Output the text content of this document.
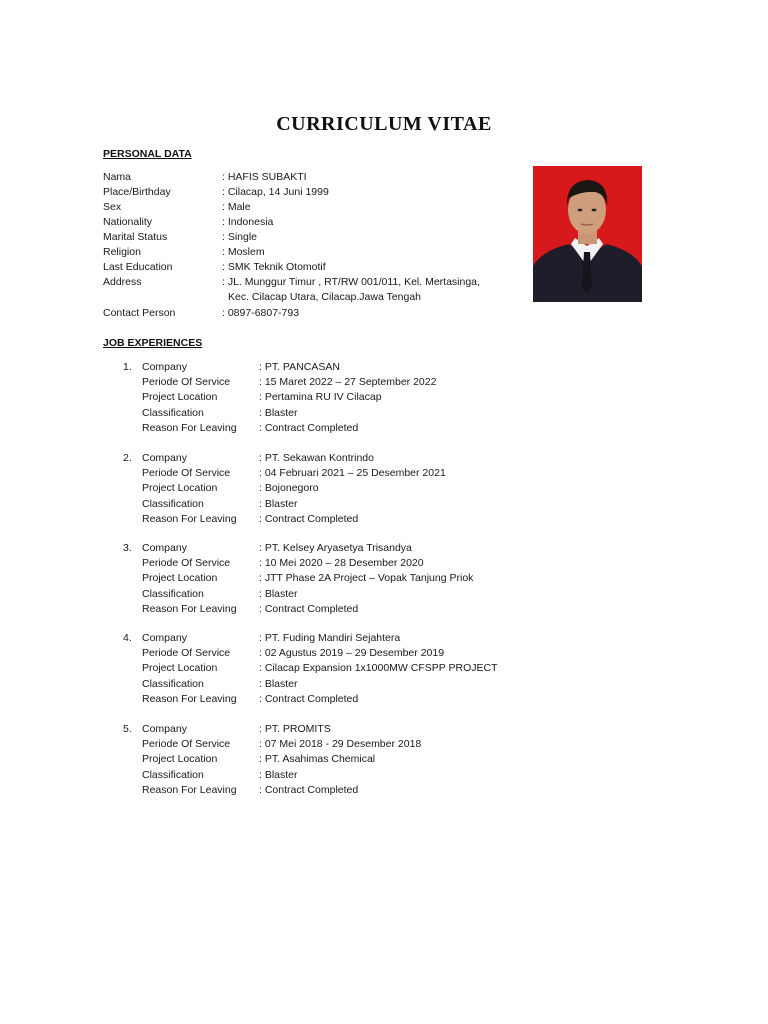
CURRICULUM VITAE
PERSONAL DATA
Nama	: HAFIS SUBAKTI
Place/Birthday	: Cilacap, 14 Juni 1999
Sex	: Male
Nationality	: Indonesia
Marital Status	: Single
Religion	: Moslem
Last Education	: SMK Teknik Otomotif
Address	: JL. Munggur Timur , RT/RW 001/011, Kel. Mertasinga,
Kec. Cilacap Utara, Cilacap.Jawa Tengah
Contact Person	: 0897-6807-793
JOB EXPERIENCES
1. Company	: PT. PANCASAN
Periode Of Service	: 15 Maret 2022 – 27 September 2022
Project Location	: Pertamina RU IV Cilacap
Classification	: Blaster
Reason For Leaving : Contract Completed
2. Company	: PT. Sekawan Kontrindo
Periode Of Service	: 04 Februari 2021 – 25 Desember 2021
Project Location	: Bojonegoro
Classification	: Blaster
Reason For Leaving : Contract Completed
3. Company	: PT. Kelsey Aryasetya Trisandya
Periode Of Service	: 10 Mei 2020 – 28 Desember 2020
Project Location	: JTT Phase 2A Project – Vopak Tanjung Priok
Classification	: Blaster
Reason For Leaving : Contract Completed
4. Company	: PT. Fuding Mandiri Sejahtera
Periode Of Service	: 02 Agustus 2019 – 29 Desember 2019
Project Location	: Cilacap Expansion 1x1000MW CFSPP PROJECT
Classification	: Blaster
Reason For Leaving : Contract Completed
5. Company	: PT. PROMITS
Periode Of Service	: 07 Mei 2018 - 29 Desember 2018
Project Location	: PT. Asahimas Chemical
Classification	: Blaster
Reason For Leaving : Contract Completed
